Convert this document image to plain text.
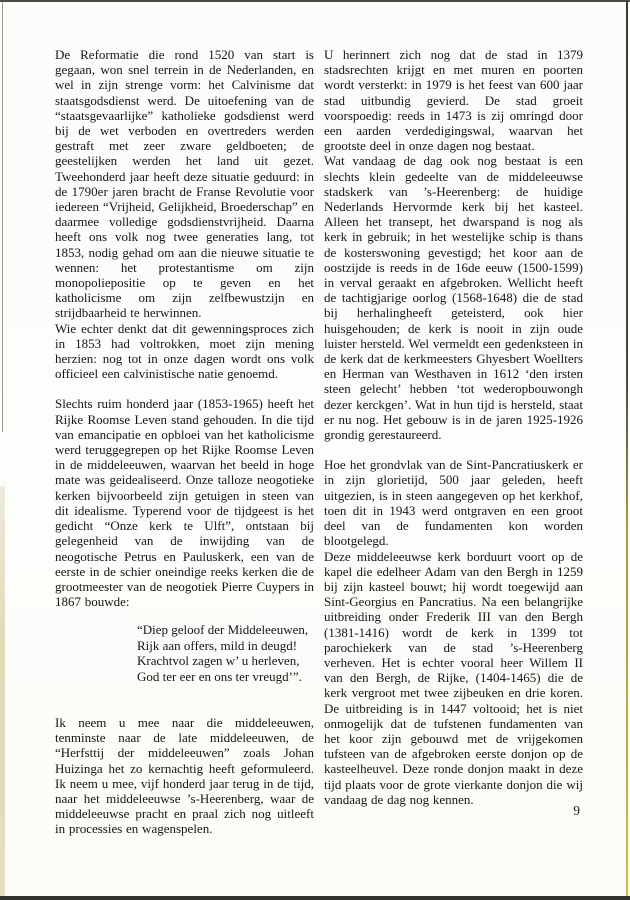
De Reformatie die rond 1520 van start is gegaan, won snel terrein in de Nederlanden, en wel in zijn strenge vorm: het Calvinisme dat staatsgodsdienst werd. De uitoefening van de “staatsgevaarlijke” katholieke godsdienst werd bij de wet verboden en overtreders werden gestraft met zeer zware geldboeten; de geestelijken werden het land uit gezet. Tweehonderd jaar heeft deze situatie geduurd: in de 1790er jaren bracht de Franse Revolutie voor iedereen “Vrijheid, Gelijkheid, Broederschap” en daarmee volledige godsdienstvrijheid. Daarna heeft ons volk nog twee generaties lang, tot 1853, nodig gehad om aan die nieuwe situatie te wennen: het protestantisme om zijn monopoliepositie op te geven en het katholicisme om zijn zelfbewustzijn en strijdbaarheid te herwinnen.

Wie echter denkt dat dit gewenningsproces zich in 1853 had voltrokken, moet zijn mening herzien: nog tot in onze dagen wordt ons volk officieel een calvinistische natie genoemd.

Slechts ruim honderd jaar (1853-1965) heeft het Rijke Roomse Leven stand gehouden. In die tijd van emancipatie en opbloei van het katholicisme werd teruggegrepen op het Rijke Roomse Leven in de middeleeuwen, waarvan het beeld in hoge mate was geidealiseerd. Onze talloze neogotieke kerken bijvoorbeeld zijn getuigen in steen van dit idealisme. Typerend voor de tijdgeest is het gedicht “Onze kerk te Ulft”, ontstaan bij gelegenheid van de inwijding van de neogotische Petrus en Pauluskerk, een van de eerste in de schier oneindige reeks kerken die de grootmeester van de neogotiek Pierre Cuypers in 1867 bouwde:

“Diep geloof der Middeleeuwen,
Rijk aan offers, mild in deugd!
Krachtvol zagen w’ u herleven,
God ter eer en ons ter vreugd’”.

Ik neem u mee naar die middeleeuwen, tenminste naar de late middeleeuwen, de “Herfsttij der middeleeuwen” zoals Johan Huizinga het zo kernachtig heeft geformuleerd. Ik neem u mee, vijf honderd jaar terug in de tijd, naar het middeleeuwse ’s-Heerenberg, waar de middeleeuwse pracht en praal zich nog uitleeft in processies en wagenspelen.

U herinnert zich nog dat de stad in 1379 stadsrechten krijgt en met muren en poorten wordt versterkt: in 1979 is het feest van 600 jaar stad uitbundig gevierd. De stad groeit voorspoedig: reeds in 1473 is zij omringd door een aarden verdedigingswal, waarvan het grootste deel in onze dagen nog bestaat.

Wat vandaag de dag ook nog bestaat is een slechts klein gedeelte van de middeleeuwse stadskerk van ’s-Heerenberg: de huidige Nederlands Hervormde kerk bij het kasteel. Alleen het transept, het dwarspand is nog als kerk in gebruik; in het westelijke schip is thans de kosterswoning gevestigd; het koor aan de oostzijde is reeds in de 16de eeuw (1500-1599) in verval geraakt en afgebroken. Wellicht heeft de tachtigjarige oorlog (1568-1648) die de stad bij herhalingheeft geteisterd, ook hier huisgehouden; de kerk is nooit in zijn oude luister hersteld. Wel vermeldt een gedenksteen in de kerk dat de kerkmeesters Ghyesbert Woellters en Herman van Westhaven in 1612 ‘den irsten steen gelecht’ hebben ‘tot wederopbouwongh dezer kerckgen’. Wat in hun tijd is hersteld, staat er nu nog. Het gebouw is in de jaren 1925-1926 grondig gerestaureerd.

Hoe het grondvlak van de Sint-Pancratiuskerk er in zijn glorietijd, 500 jaar geleden, heeft uitgezien, is in steen aangegeven op het kerkhof, toen dit in 1943 werd ontgraven en een groot deel van de fundamenten kon worden blootgelegd.

Deze middeleeuwse kerk borduurt voort op de kapel die edelheer Adam van den Bergh in 1259 bij zijn kasteel bouwt; hij wordt toegewijd aan Sint-Georgius en Pancratius. Na een belangrijke uitbreiding onder Frederik III van den Bergh (1381-1416) wordt de kerk in 1399 tot parochiekerk van de stad ’s-Heerenberg verheven. Het is echter vooral heer Willem II van den Bergh, de Rijke, (1404-1465) die de kerk vergroot met twee zijbeuken en drie koren. De uitbreiding is in 1447 voltooid; het is niet onmogelijk dat de tufstenen fundamenten van het koor zijn gebouwd met de vrijgekomen tufsteen van de afgebroken eerste donjon op de kasteelheuvel. Deze ronde donjon maakt in deze tijd plaats voor de grote vierkante donjon die wij vandaag de dag nog kennen.

9
